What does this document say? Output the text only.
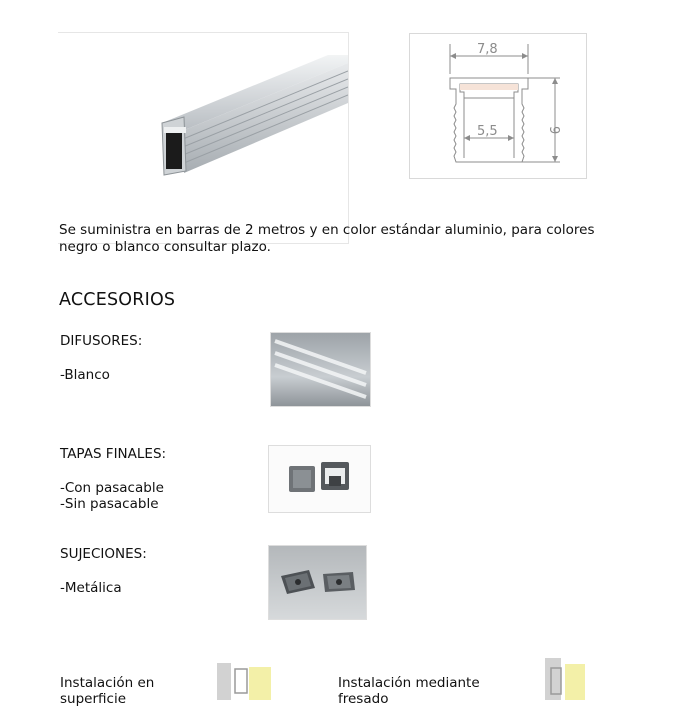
7,8
5,5	9
Se suministra en barras de 2 metros y en color estándar aluminio, para colores
negro o blanco consultar plazo.
ACCESORIOS
DIFUSORES:
-Blanco
TAPAS FINALES:
-Con pasacable
-Sin pasacable
SUJECIONES:
-Metálica
Instalación en
superficie
Instalación mediante
fresado
